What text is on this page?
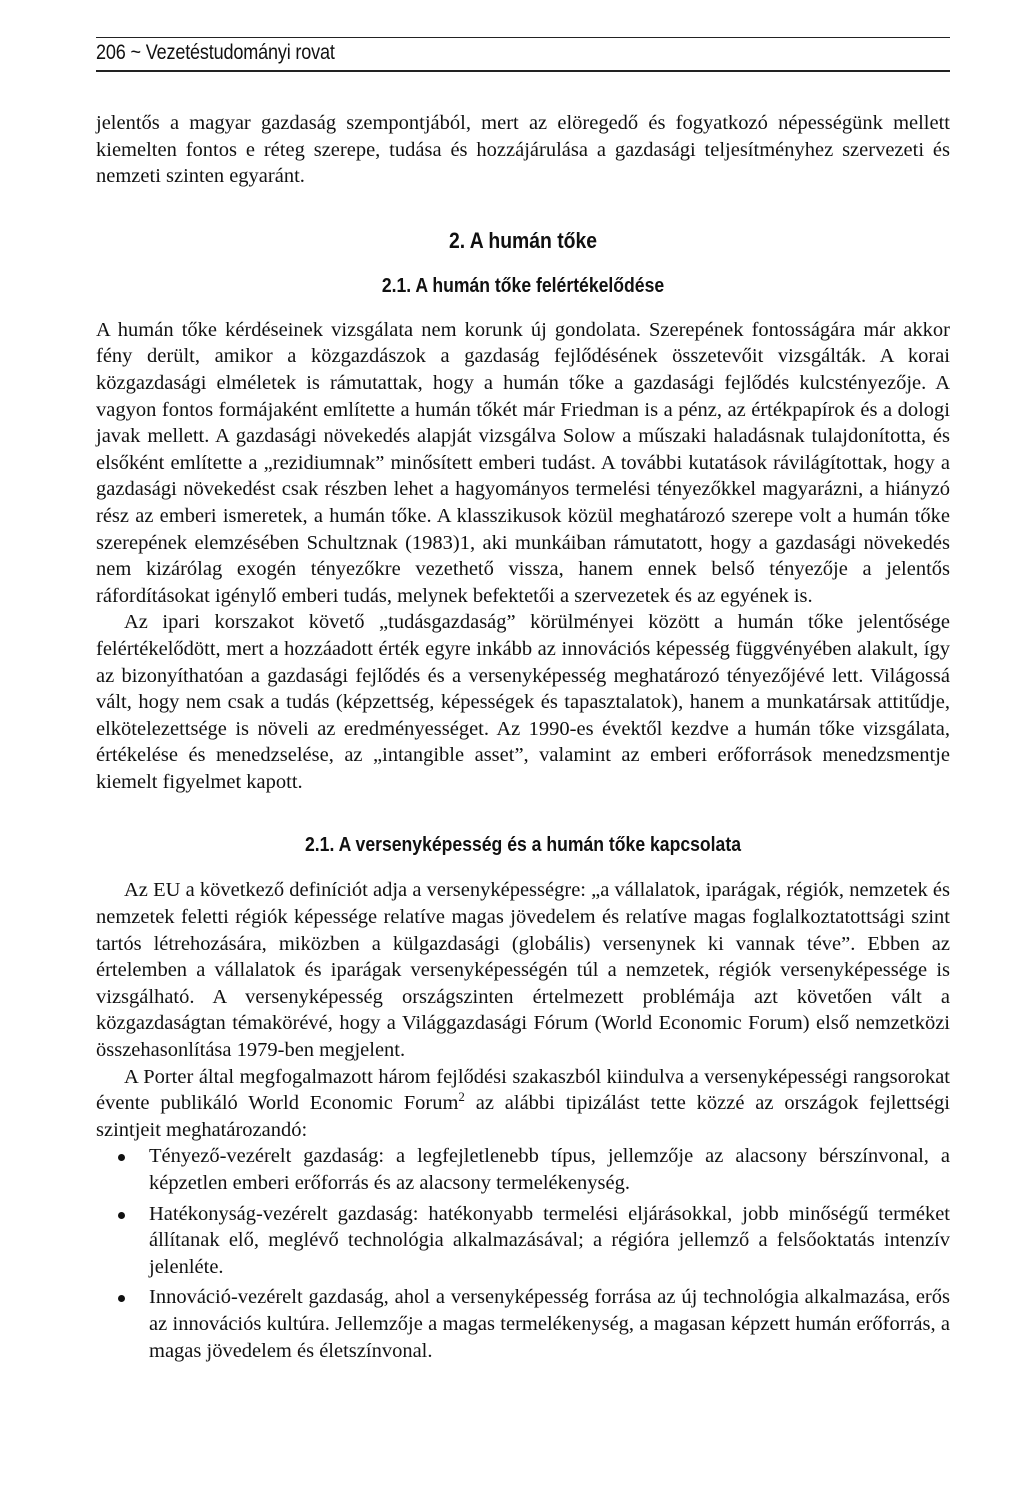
206 ~ Vezetéstudományi rovat

jelentős a magyar gazdaság szempontjából, mert az elöregedő és fogyatkozó népességünk mellett kiemelten fontos e réteg szerepe, tudása és hozzájárulása a gazdasági teljesítményhez szervezeti és nemzeti szinten egyaránt.

2. A humán tőke
2.1. A humán tőke felértékelődése

A humán tőke kérdéseinek vizsgálata nem korunk új gondolata. Szerepének fontosságára már akkor fény derült, amikor a közgazdászok a gazdaság fejlődésének összetevőit vizsgálták. A korai közgazdasági elméletek is rámutattak, hogy a humán tőke a gazdasági fejlődés kulcstényezője. A vagyon fontos formájaként említette a humán tőkét már Friedman is a pénz, az értékpapírok és a dologi javak mellett. A gazdasági növekedés alapját vizsgálva Solow a műszaki haladásnak tulajdonította, és elsőként említette a „rezidiumnak” minősített emberi tudást. A további kutatások rávilágítottak, hogy a gazdasági növekedést csak részben lehet a hagyományos termelési tényezőkkel magyarázni, a hiányzó rész az emberi ismeretek, a humán tőke. A klasszikusok közül meghatározó szerepe volt a humán tőke szerepének elemzésében Schultznak (1983)1, aki munkáiban rámutatott, hogy a gazdasági növekedés nem kizárólag exogén tényezőkre vezethető vissza, hanem ennek belső tényezője a jelentős ráfordításokat igénylő emberi tudás, melynek befektetői a szervezetek és az egyének is.

Az ipari korszakot követő „tudásgazdaság” körülményei között a humán tőke jelentősége felértékelődött, mert a hozzáadott érték egyre inkább az innovációs képesség függvényében alakult, így az bizonyíthatóan a gazdasági fejlődés és a versenyképesség meghatározó tényezőjévé lett. Világossá vált, hogy nem csak a tudás (képzettség, képességek és tapasztalatok), hanem a munkatársak attitűdje, elkötelezettsége is növeli az eredményességet. Az 1990-es évektől kezdve a humán tőke vizsgálata, értékelése és menedzselése, az „intangible asset”, valamint az emberi erőforrások menedzsmentje kiemelt figyelmet kapott.

2.1. A versenyképesség és a humán tőke kapcsolata

Az EU a következő definíciót adja a versenyképességre: „a vállalatok, iparágak, régiók, nemzetek és nemzetek feletti régiók képessége relatíve magas jövedelem és relatíve magas foglalkoztatottsági szint tartós létrehozására, miközben a külgazdasági (globális) versenynek ki vannak téve”. Ebben az értelemben a vállalatok és iparágak versenyképességén túl a nemzetek, régiók versenyképessége is vizsgálható. A versenyképesség országszinten értelmezett problémája azt követően vált a közgazdaságtan témakörévé, hogy a Világgazdasági Fórum (World Economic Forum) első nemzetközi összehasonlítása 1979-ben megjelent.

A Porter által megfogalmazott három fejlődési szakaszból kiindulva a versenyképességi rangsorokat évente publikáló World Economic Forum$^2$ az alábbi tipizálást tette közzé az országok fejlettségi szintjeit meghatározandó:

Tényező-vezérelt gazdaság: a legfejletlenebb típus, jellemzője az alacsony bérszínvonal, a képzetlen emberi erőforrás és az alacsony termelékenység.
Hatékonyság-vezérelt gazdaság: hatékonyabb termelési eljárásokkal, jobb minőségű terméket állítanak elő, meglévő technológia alkalmazásával; a régióra jellemző a felsőoktatás intenzív jelenléte.
Innováció-vezérelt gazdaság, ahol a versenyképesség forrása az új technológia alkalmazása, erős az innovációs kultúra. Jellemzője a magas termelékenység, a magasan képzett humán erőforrás, a magas jövedelem és életszínvonal.
